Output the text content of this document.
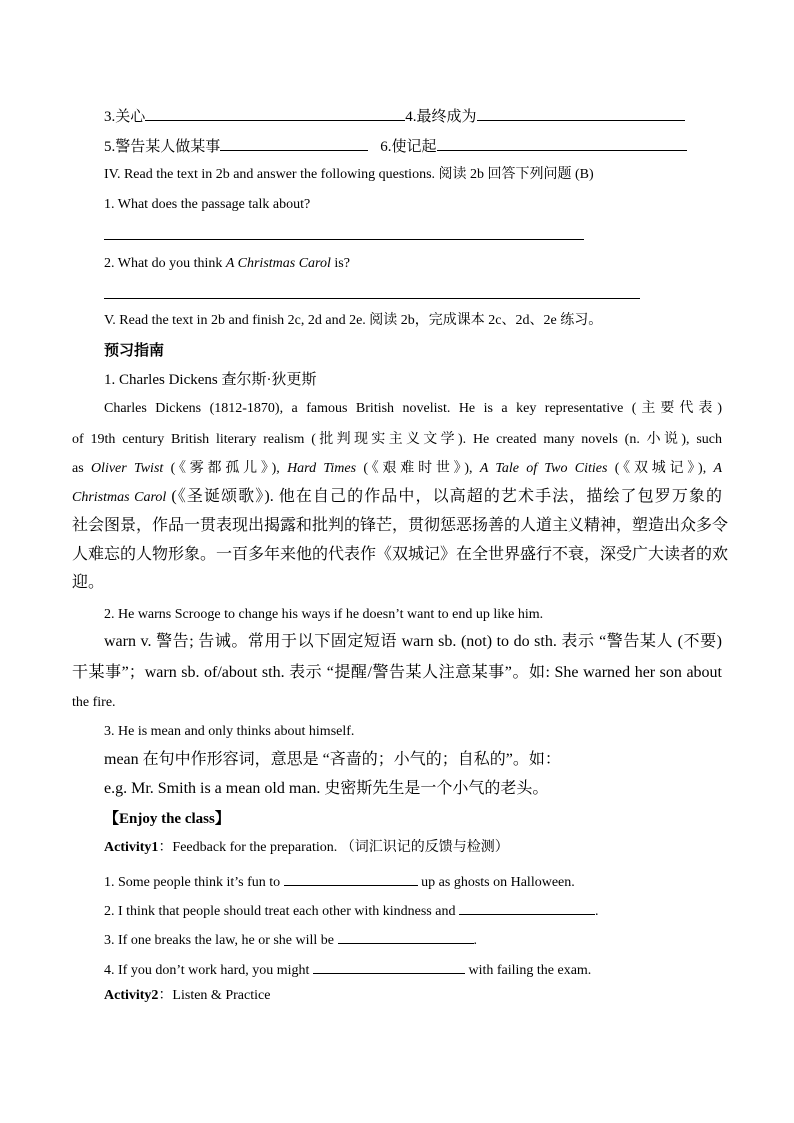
3.关心	4.最终成为
5.警告某人做某事	6.使记起
IV. Read the text in 2b and answer the following questions. 阅读 2b 回答下列问题 (B)
1. What does the passage talk about?
2. What do you think A Christmas Carol is?
V. Read the text in 2b and finish 2c, 2d and 2e. 阅读 2b，完成课本 2c、2d、2e 练习。
预习指南
1. Charles Dickens 查尔斯·狄更斯
Charles Dickens (1812-1870), a famous British novelist. He is a key representative (主要代表)
of 19th century British literary realism (批判现实主义文学). He created many novels (n. 小说), such
as Oliver Twist (《雾都孤儿》), Hard Times (《艰难时世》), A Tale of Two Cities (《双城记》), A
Christmas Carol (《圣诞颂歌》). 他在自己的作品中，以高超的艺术手法，描绘了包罗万象的
社会图景，作品一贯表现出揭露和批判的锋芒，贯彻惩恶扬善的人道主义精神，塑造出众多令
人难忘的人物形象。一百多年来他的代表作《双城记》在全世界盛行不衰，深受广大读者的欢
迎。
2. He warns Scrooge to change his ways if he doesn’t want to end up like him.
warn v. 警告; 告诫。常用于以下固定短语 warn sb. (not) to do sth. 表示 “警告某人 (不要)
干某事”；warn sb. of/about sth. 表示 “提醒/警告某人注意某事”。如: She warned her son about
the fire.
3. He is mean and only thinks about himself.
mean 在句中作形容词，意思是 “吝啬的；小气的；自私的”。如：
e.g. Mr. Smith is a mean old man. 史密斯先生是一个小气的老头。
【Enjoy the class】
Activity1：Feedback for the preparation. （词汇识记的反馈与检测）
1. Some people think it’s fun to	up as ghosts on Halloween.
2. I think that people should treat each other with kindness and	.
3. If one breaks the law, he or she will be	.
4. If you don’t work hard, you might	with failing the exam.
Activity2：Listen & Practice
